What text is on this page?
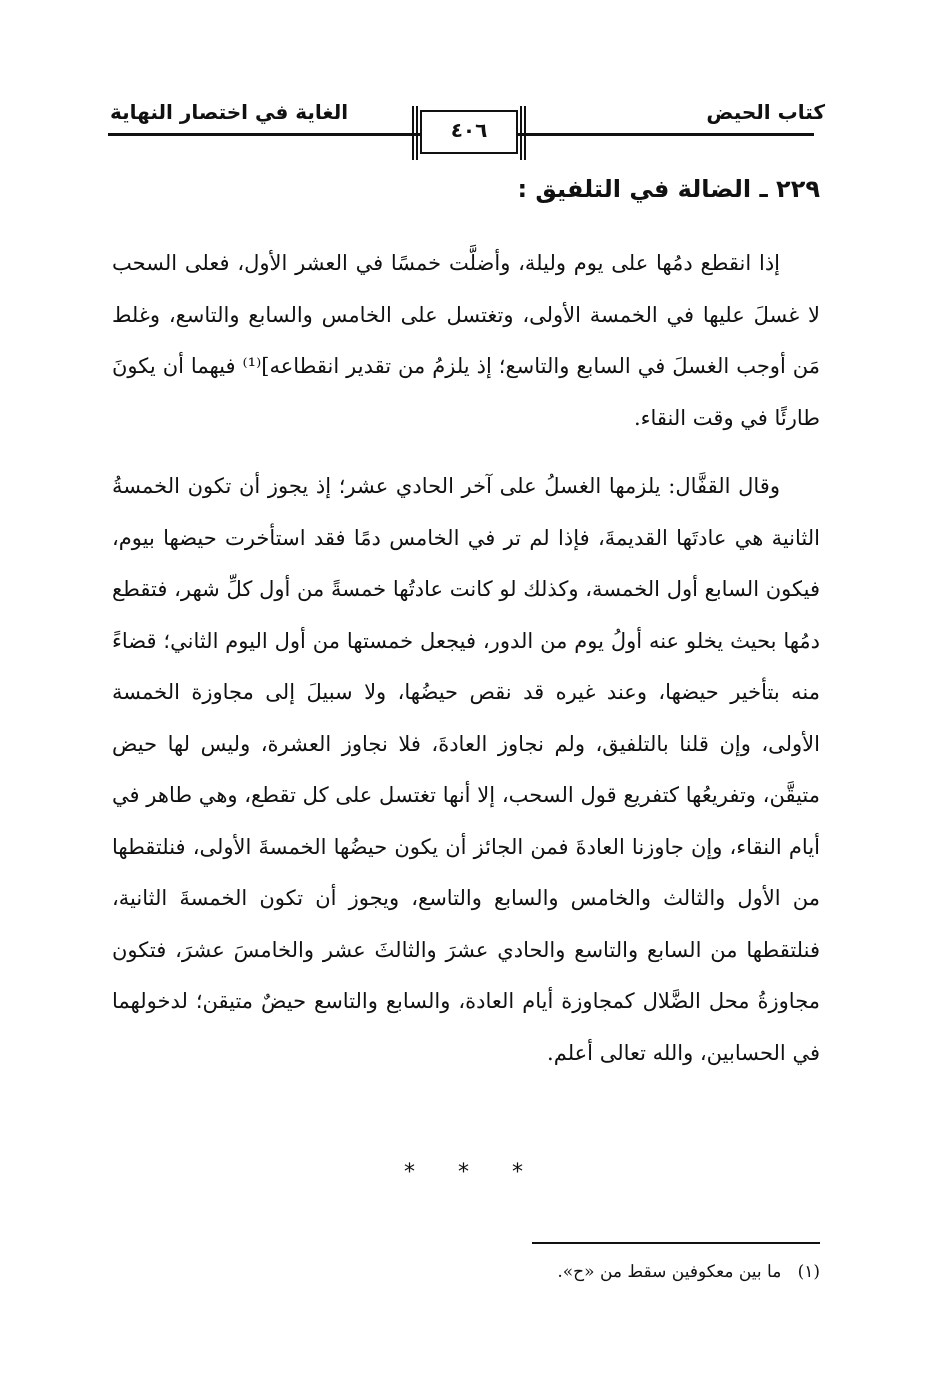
كتاب الحيض
الغاية في اختصار النهاية
٤٠٦
٢٢٩ ـ الضالة في التلفيق :

إذا انقطع دمُها على يوم وليلة، وأضلَّت خمسًا في العشر الأول، فعلى السحب لا غسلَ عليها في الخمسة الأولى، وتغتسل على الخامس والسابع والتاسع، وغلط مَن أوجب الغسلَ في السابع والتاسع؛ إذ يلزمُ من تقدير انقطاعه]⁽¹⁾ فيهما أن يكونَ طارئًا في وقت النقاء.

وقال القفَّال: يلزمها الغسلُ على آخر الحادي عشر؛ إذ يجوز أن تكون الخمسةُ الثانية هي عادتَها القديمةَ، فإذا لم تر في الخامس دمًا فقد استأخرت حيضها بيوم، فيكون السابع أول الخمسة، وكذلك لو كانت عادتُها خمسةً من أول كلِّ شهر، فتقطع دمُها بحيث يخلو عنه أولُ يوم من الدور، فيجعل خمستها من أول اليوم الثاني؛ قضاءً منه بتأخير حيضها، وعند غيره قد نقص حيضُها، ولا سبيلَ إلى مجاوزة الخمسة الأولى، وإن قلنا بالتلفيق، ولم نجاوز العادةَ، فلا نجاوز العشرة، وليس لها حيض متيقَّن، وتفريعُها كتفريع قول السحب، إلا أنها تغتسل على كل تقطع، وهي طاهر في أيام النقاء، وإن جاوزنا العادةَ فمن الجائز أن يكون حيضُها الخمسةَ الأولى، فنلتقطها من الأول والثالث والخامس والسابع والتاسع، ويجوز أن تكون الخمسةَ الثانية، فنلتقطها من السابع والتاسع والحادي عشرَ والثالثَ عشر والخامسَ عشرَ، فتكون مجاوزةُ محل الضَّلال كمجاوزة أيام العادة، والسابع والتاسع حيضٌ متيقن؛ لدخولهما في الحسابين، والله تعالى أعلم.

* * *
(١)   ما بين معكوفين سقط من «ح».
